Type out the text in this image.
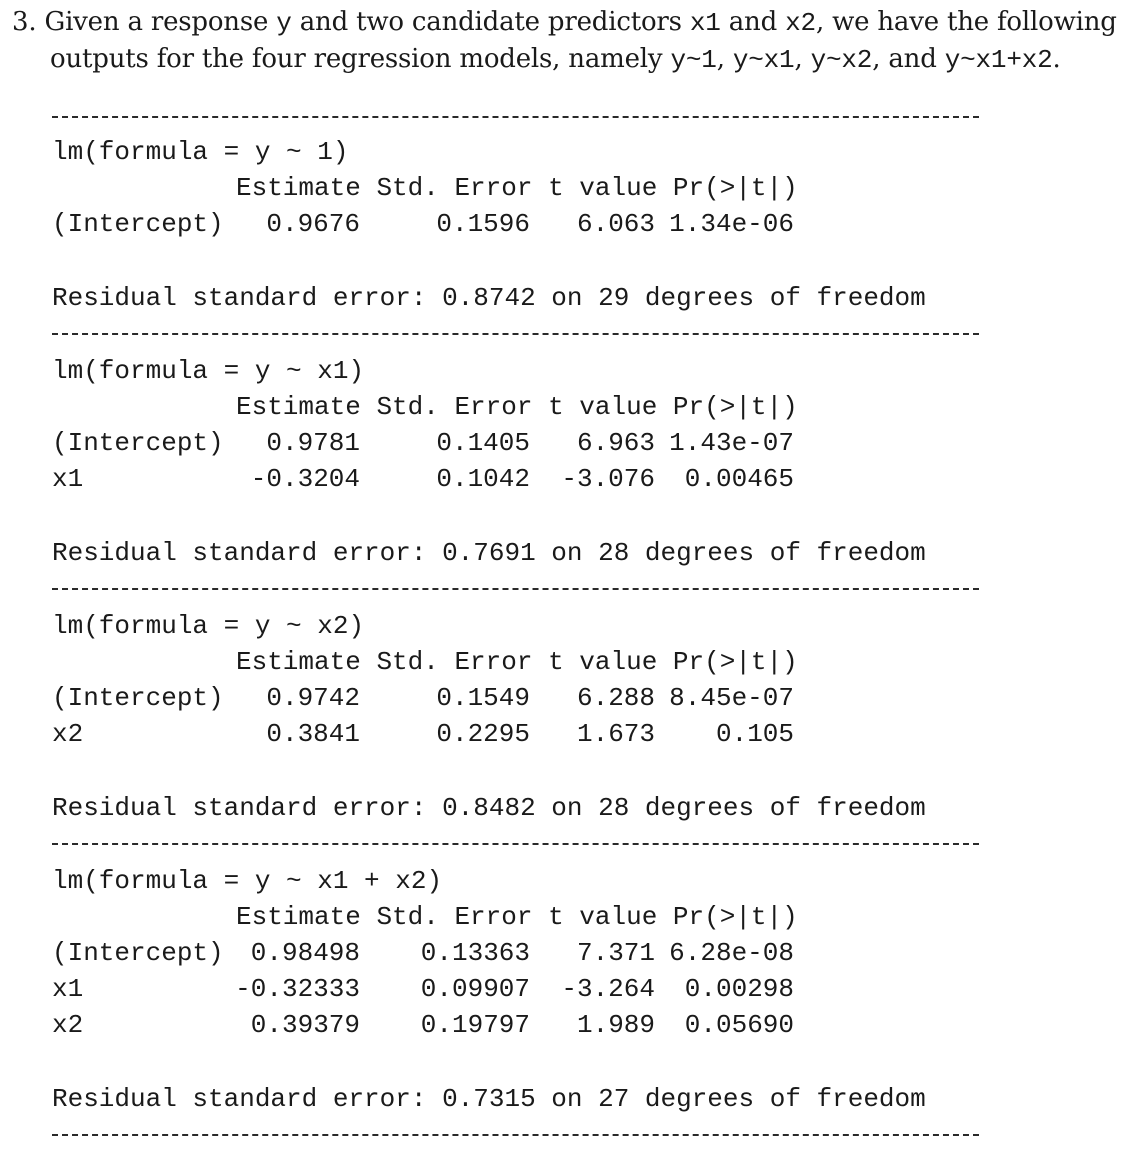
3. Given a response y and two candidate predictors x1 and x2, we have the following
outputs for the four regression models, namely y~1, y~x1, y~x2, and y~x1+x2.
lm(formula = y ~ 1)
Estimate Std. Error t value Pr(>|t|)
(Intercept)	0.9676	0.1596	6.063 1.34e-06
Residual standard error: 0.8742 on 29 degrees of freedom
lm(formula = y ~ x1)
Estimate Std. Error t value Pr(>|t|)
(Intercept)	0.9781	0.1405	6.963 1.43e-07
x1	-0.3204	0.1042	-3.076	0.00465
Residual standard error: 0.7691 on 28 degrees of freedom
lm(formula = y ~ x2)
Estimate Std. Error t value Pr(>|t|)
(Intercept)	0.9742	0.1549	6.288 8.45e-07
x2	0.3841	0.2295	1.673	0.105
Residual standard error: 0.8482 on 28 degrees of freedom
lm(formula = y ~ x1 + x2)
Estimate Std. Error t value Pr(>|t|)
(Intercept)	0.98498	0.13363	7.371 6.28e-08
x1	-0.32333	0.09907	-3.264	0.00298
x2	0.39379	0.19797	1.989	0.05690
Residual standard error: 0.7315 on 27 degrees of freedom
